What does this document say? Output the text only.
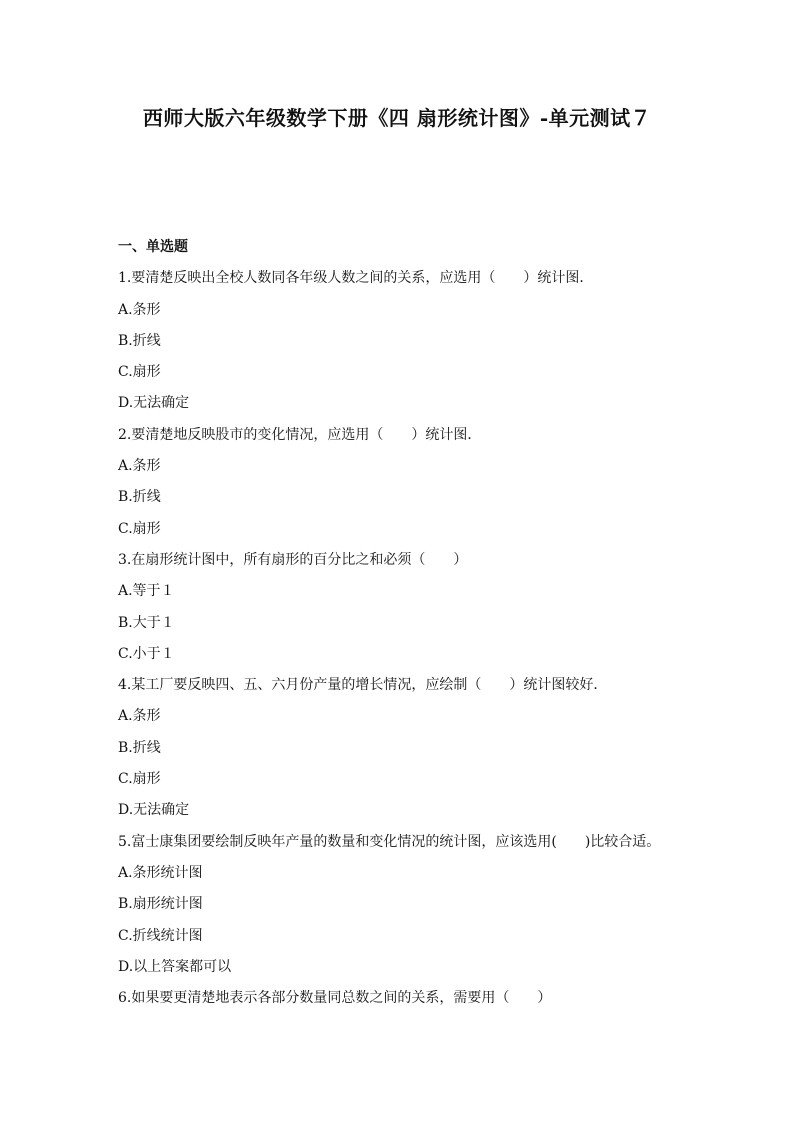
西师大版六年级数学下册《四 扇形统计图》-单元测试７
一、单选题
1.要清楚反映出全校人数同各年级人数之间的关系，应选用（　　）统计图．
A.条形
B.折线
C.扇形
D.无法确定
2.要清楚地反映股市的变化情况，应选用（　　）统计图．
A.条形
B.折线
C.扇形
3.在扇形统计图中，所有扇形的百分比之和必须（　　）
A.等于１
B.大于１
C.小于１
4.某工厂要反映四、五、六月份产量的增长情况，应绘制（　　）统计图较好．
A.条形
B.折线
C.扇形
D.无法确定
5.富士康集团要绘制反映年产量的数量和变化情况的统计图，应该选用(　　)比较合适。
A.条形统计图
B.扇形统计图
C.折线统计图
D.以上答案都可以
6.如果要更清楚地表示各部分数量同总数之间的关系，需要用（　　）
